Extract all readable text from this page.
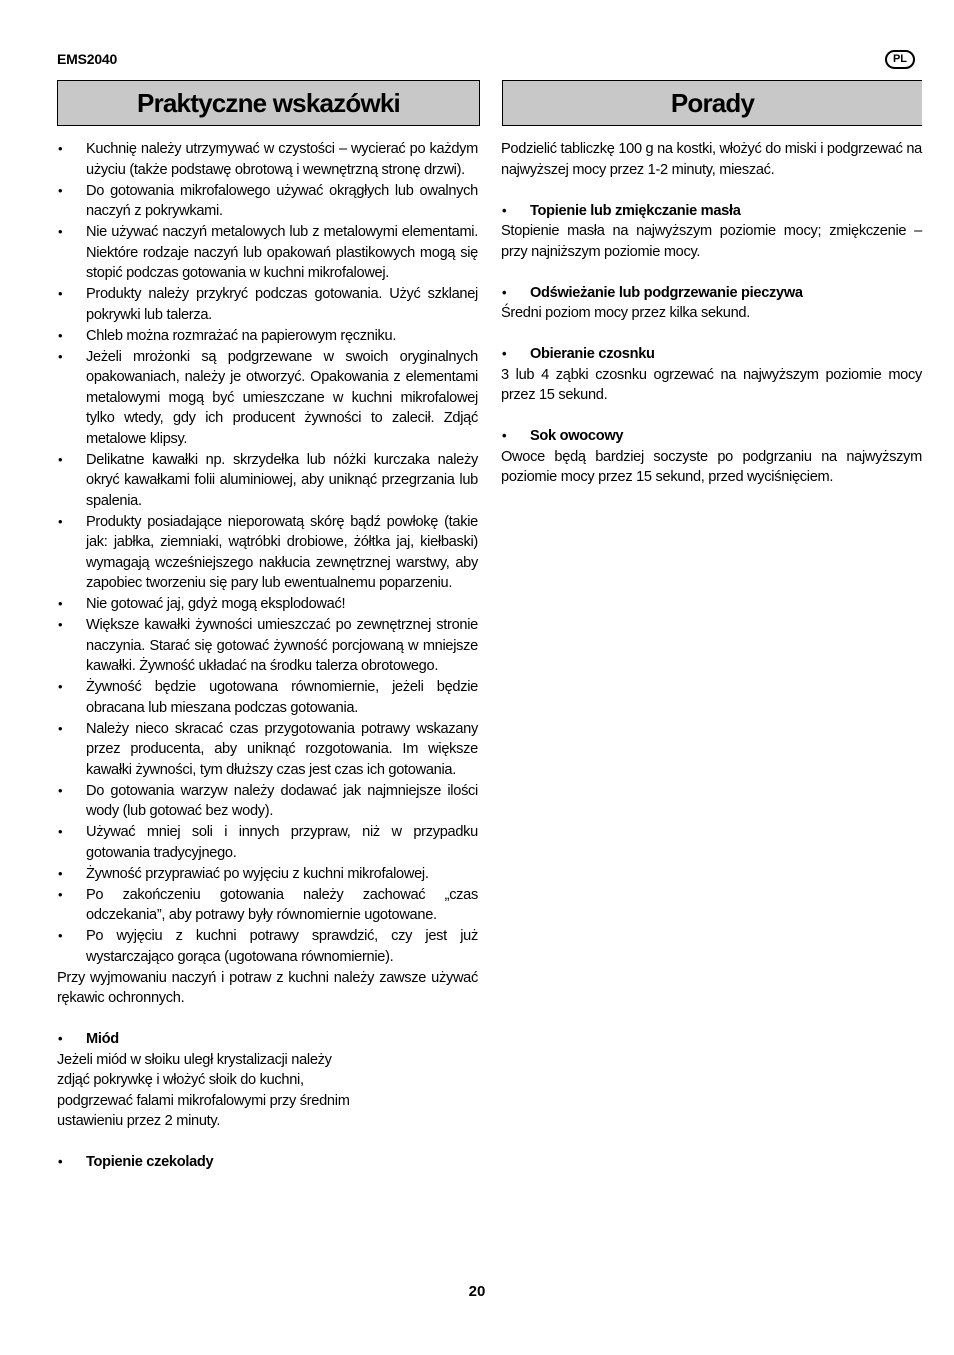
EMS2040	PL
Praktyczne wskazówki	Porady
• Kuchnię należy utrzymywać w czystości – wycierać po każdym użyciu (także podstawę obrotową i wewnętrzną stronę drzwi).
• Do gotowania mikrofalowego używać okrągłych lub owalnych naczyń z pokrywkami.
• Nie używać naczyń metalowych lub z metalowymi elementami. Niektóre rodzaje naczyń lub opakowań plastikowych mogą się stopić podczas gotowania w kuchni mikrofalowej.
• Produkty należy przykryć podczas gotowania. Użyć szklanej pokrywki lub talerza.
• Chleb można rozmrażać na papierowym ręczniku.
• Jeżeli mrożonki są podgrzewane w swoich oryginalnych opakowaniach, należy je otworzyć. Opakowania z elementami metalowymi mogą być umieszczane w kuchni mikrofalowej tylko wtedy, gdy ich producent żywności to zalecił. Zdjąć metalowe klipsy.
• Delikatne kawałki np. skrzydełka lub nóżki kurczaka należy okryć kawałkami folii aluminiowej, aby uniknąć przegrzania lub spalenia.
• Produkty posiadające nieporowatą skórę bądź powłokę (takie jak: jabłka, ziemniaki, wątróbki drobiowe, żółtka jaj, kiełbaski) wymagają wcześniejszego nakłucia zewnętrznej warstwy, aby zapobiec tworzeniu się pary lub ewentualnemu poparzeniu.
• Nie gotować jaj, gdyż mogą eksplodować!
• Większe kawałki żywności umieszczać po zewnętrznej stronie naczynia. Starać się gotować żywność porcjowaną w mniejsze kawałki. Żywność układać na środku talerza obrotowego.
• Żywność będzie ugotowana równomiernie, jeżeli będzie obracana lub mieszana podczas gotowania.
• Należy nieco skracać czas przygotowania potrawy wskazany przez producenta, aby uniknąć rozgotowania. Im większe kawałki żywności, tym dłuższy czas jest czas ich gotowania.
• Do gotowania warzyw należy dodawać jak najmniejsze ilości wody (lub gotować bez wody).
• Używać mniej soli i innych przypraw, niż w przypadku gotowania tradycyjnego.
• Żywność przyprawiać po wyjęciu z kuchni mikrofalowej.
• Po zakończeniu gotowania należy zachować „czas odczekania”, aby potrawy były równomiernie ugotowane.
• Po wyjęciu z kuchni potrawy sprawdzić, czy jest już wystarczająco gorąca (ugotowana równomiernie).

Przy wyjmowaniu naczyń i potraw z kuchni należy zawsze używać rękawic ochronnych.

• Miód

Jeżeli miód w słoiku uległ krystalizacji należy
zdjąć pokrywkę i włożyć słoik do kuchni,
podgrzewać falami mikrofalowymi przy średnim
ustawieniu przez 2 minuty.

• Topienie czekolady

Podzielić tabliczkę 100 g na kostki, włożyć do miski i podgrzewać na najwyższej mocy przez 1-2 minuty, mieszać.

• Topienie lub zmiękczanie masła

Stopienie masła na najwyższym poziomie mocy; zmiękczenie – przy najniższym poziomie mocy.

• Odświeżanie lub podgrzewanie pieczywa

Średni poziom mocy przez kilka sekund.

• Obieranie czosnku

3 lub 4 ząbki czosnku ogrzewać na najwyższym poziomie mocy przez 15 sekund.

• Sok owocowy

Owoce będą bardziej soczyste po podgrzaniu na najwyższym poziomie mocy przez 15 sekund, przed wyciśnięciem.

20
